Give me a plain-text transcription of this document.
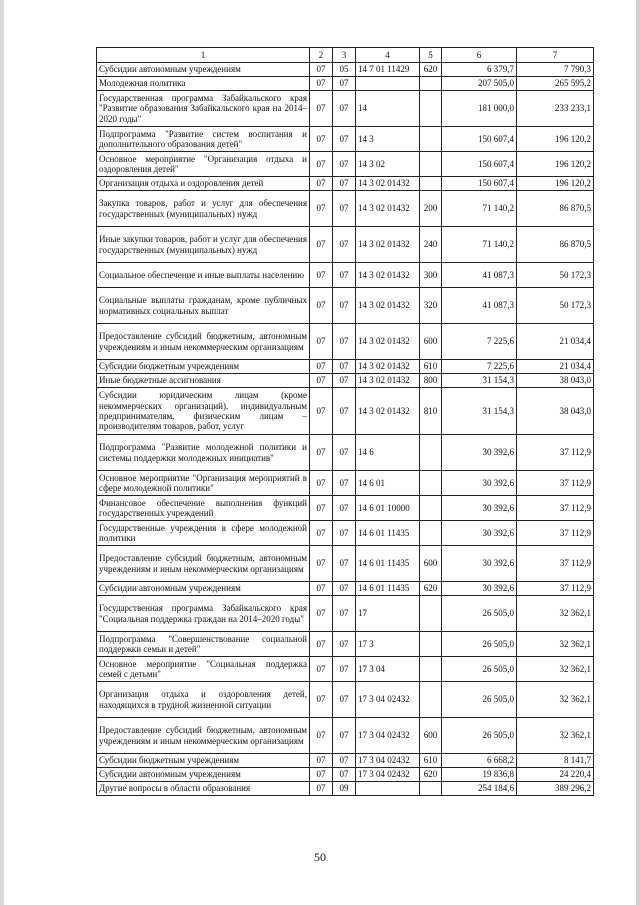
1	2	3	4	5	6	7
Субсидии автономным учреждениям	07	05	14 7 01 11429	620	6 379,7	7 790,3
Молодежная политика	07	07			207 505,0	265 595,2
Государственная программа Забайкальского края "Развитие образования Забайкальского края на 2014–2020 годы"	07	07	14		181 000,0	233 233,1
Подпрограмма "Развитие систем воспитания и дополнительного образования детей"	07	07	14 3		150 607,4	196 120,2
Основное мероприятие "Организация отдыха и оздоровления детей"	07	07	14 3 02		150 607,4	196 120,2
Организация отдыха и оздоровления детей	07	07	14 3 02 01432		150 607,4	196 120,2
Закупка товаров, работ и услуг для обеспечения государственных (муниципальных) нужд	07	07	14 3 02 01432	200	71 140,2	86 870,5
Иные закупки товаров, работ и услуг для обеспечения государственных (муниципальных) нужд	07	07	14 3 02 01432	240	71 140,2	86 870,5
Социальное обеспечение и иные выплаты населению	07	07	14 3 02 01432	300	41 087,3	50 172,3
Социальные выплаты гражданам, кроме публичных нормативных социальных выплат	07	07	14 3 02 01432	320	41 087,3	50 172,3
Предоставление субсидий бюджетным, автономным учреждениям и иным некоммерческим организациям	07	07	14 3 02 01432	600	7 225,6	21 034,4
Субсидии бюджетным учреждениям	07	07	14 3 02 01432	610	7 225,6	21 034,4
Иные бюджетные ассигнования	07	07	14 3 02 01432	800	31 154,3	38 043,0
Субсидии юридическим лицам (кроме некоммерческих организаций), индивидуальным предпринимателям, физическим лицам – производителям товаров, работ, услуг	07	07	14 3 02 01432	810	31 154,3	38 043,0
Подпрограмма "Развитие молодежной политики и системы поддержки молодежных инициатив"	07	07	14 6		30 392,6	37 112,9
Основное мероприятие "Организация мероприятий в сфере молодежной политики"	07	07	14 6 01		30 392,6	37 112,9
Финансовое обеспечение выполнения функций государственных учреждений	07	07	14 6 01 10000		30 392,6	37 112,9
Государственные учреждения в сфере молодежной политики	07	07	14 6 01 11435		30 392,6	37 112,9
Предоставление субсидий бюджетным, автономным учреждениям и иным некоммерческим организациям	07	07	14 6 01 11435	600	30 392,6	37 112,9
Субсидии автономным учреждениям	07	07	14 6 01 11435	620	30 392,6	37 112,9
Государственная программа Забайкальского края "Социальная поддержка граждан на 2014–2020 годы"	07	07	17		26 505,0	32 362,1
Подпрограмма "Совершенствование социальной поддержки семьи и детей"	07	07	17 3		26 505,0	32 362,1
Основное мероприятие "Социальная поддержка семей с детьми"	07	07	17 3 04		26 505,0	32 362,1
Организация отдыха и оздоровления детей, находящихся в трудной жизненной ситуации	07	07	17 3 04 02432		26 505,0	32 362,1
Предоставление субсидий бюджетным, автономным учреждениям и иным некоммерческим организациям	07	07	17 3 04 02432	600	26 505,0	32 362,1
Субсидии бюджетным учреждениям	07	07	17 3 04 02432	610	6 668,2	8 141,7
Субсидии автономным учреждениям	07	07	17 3 04 02432	620	19 836,8	24 220,4
Другие вопросы в области образования	07	09			254 184,6	389 296,2
50
